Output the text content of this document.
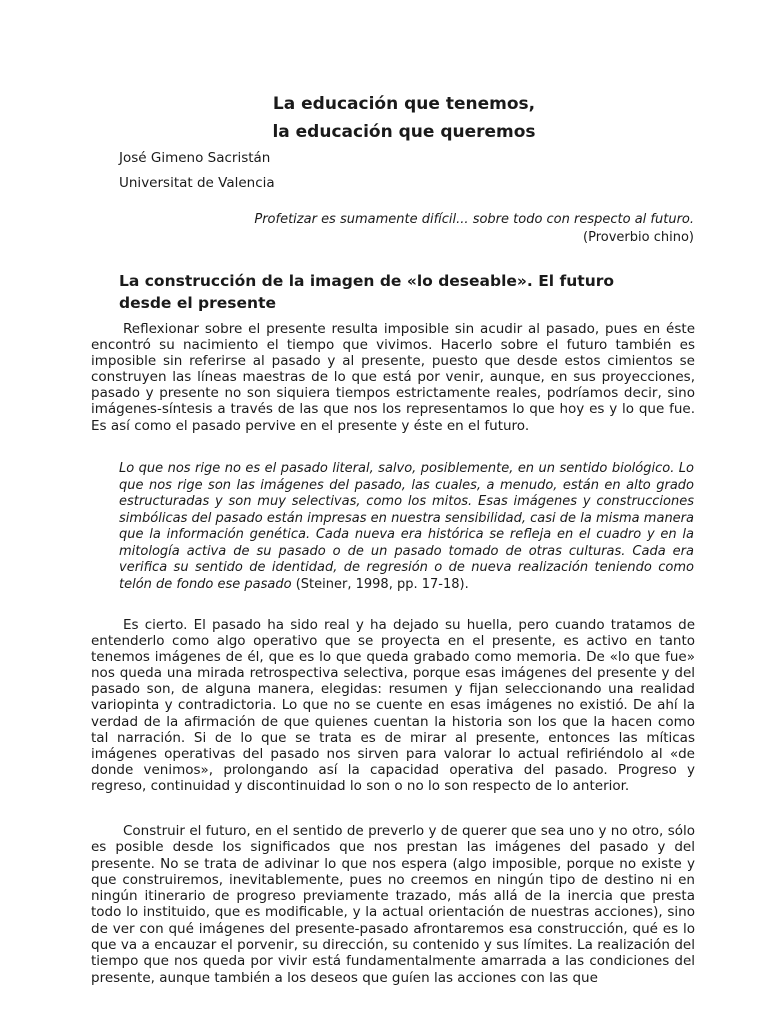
La educación que tenemos,
la educación que queremos
José Gimeno Sacristán
Universitat de Valencia
Profetizar es sumamente difícil... sobre todo con respecto al futuro.
(Proverbio chino)
La construcción de la imagen de «lo deseable». El futuro desde el presente

Reflexionar sobre el presente resulta imposible sin acudir al pasado, pues en éste encontró su nacimiento el tiempo que vivimos. Hacerlo sobre el futuro también es imposible sin referirse al pasado y al presente, puesto que desde estos cimientos se construyen las líneas maestras de lo que está por venir, aunque, en sus proyecciones, pasado y presente no son siquiera tiempos estrictamente reales, podríamos decir, sino imágenes-síntesis a través de las que nos los representamos lo que hoy es y lo que fue. Es así como el pasado pervive en el presente y éste en el futuro.

Lo que nos rige no es el pasado literal, salvo, posiblemente, en un sentido biológico. Lo que nos rige son las imágenes del pasado, las cuales, a menudo, están en alto grado estructuradas y son muy selectivas, como los mitos. Esas imágenes y construcciones simbólicas del pasado están impresas en nuestra sensibilidad, casi de la misma manera que la información genética. Cada nueva era histórica se refleja en el cuadro y en la mitología activa de su pasado o de un pasado tomado de otras culturas. Cada era verifica su sentido de identidad, de regresión o de nueva realización teniendo como telón de fondo ese pasado (Steiner, 1998, pp. 17-18).

Es cierto. El pasado ha sido real y ha dejado su huella, pero cuando tratamos de entenderlo como algo operativo que se proyecta en el presente, es activo en tanto tenemos imágenes de él, que es lo que queda grabado como memoria. De «lo que fue» nos queda una mirada retrospectiva selectiva, porque esas imágenes del presente y del pasado son, de alguna manera, elegidas: resumen y fijan seleccionando una realidad variopinta y contradictoria. Lo que no se cuente en esas imágenes no existió. De ahí la verdad de la afirmación de que quienes cuentan la historia son los que la hacen como tal narración. Si de lo que se trata es de mirar al presente, entonces las míticas imágenes operativas del pasado nos sirven para valorar lo actual refiriéndolo al «de donde venimos», prolongando así la capacidad operativa del pasado. Progreso y regreso, continuidad y discontinuidad lo son o no lo son respecto de lo anterior.

Construir el futuro, en el sentido de preverlo y de querer que sea uno y no otro, sólo es posible desde los significados que nos prestan las imágenes del pasado y del presente. No se trata de adivinar lo que nos espera (algo imposible, porque no existe y que construiremos, inevitablemente, pues no creemos en ningún tipo de destino ni en ningún itinerario de progreso previamente trazado, más allá de la inercia que presta todo lo instituido, que es modificable, y la actual orientación de nuestras acciones), sino de ver con qué imágenes del presente-pasado afrontaremos esa construcción, qué es lo que va a encauzar el porvenir, su dirección, su contenido y sus límites. La realización del tiempo que nos queda por vivir está fundamentalmente amarrada a las condiciones del presente, aunque también a los deseos que guíen las acciones con las que
